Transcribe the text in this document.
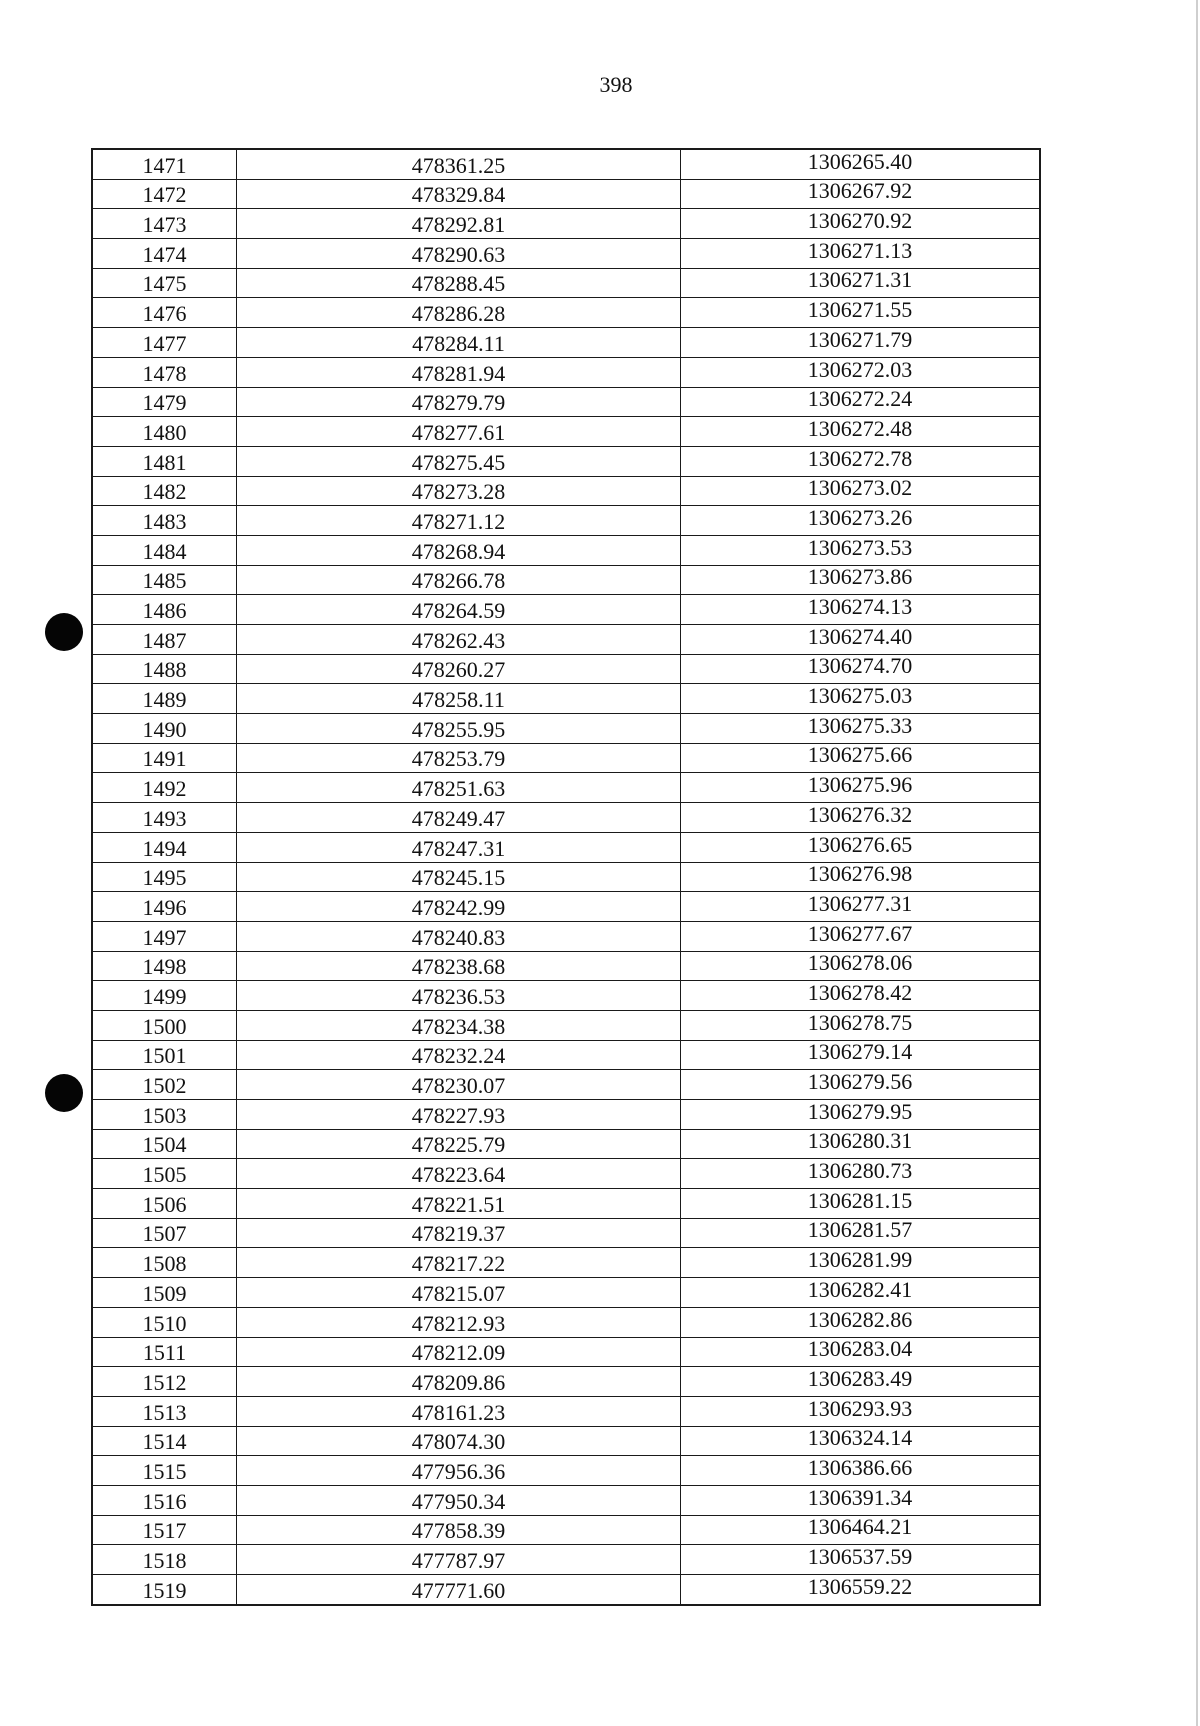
398
1471	478361.25	1306265.40
1472	478329.84	1306267.92
1473	478292.81	1306270.92
1474	478290.63	1306271.13
1475	478288.45	1306271.31
1476	478286.28	1306271.55
1477	478284.11	1306271.79
1478	478281.94	1306272.03
1479	478279.79	1306272.24
1480	478277.61	1306272.48
1481	478275.45	1306272.78
1482	478273.28	1306273.02
1483	478271.12	1306273.26
1484	478268.94	1306273.53
1485	478266.78	1306273.86
1486	478264.59	1306274.13
1487	478262.43	1306274.40
1488	478260.27	1306274.70
1489	478258.11	1306275.03
1490	478255.95	1306275.33
1491	478253.79	1306275.66
1492	478251.63	1306275.96
1493	478249.47	1306276.32
1494	478247.31	1306276.65
1495	478245.15	1306276.98
1496	478242.99	1306277.31
1497	478240.83	1306277.67
1498	478238.68	1306278.06
1499	478236.53	1306278.42
1500	478234.38	1306278.75
1501	478232.24	1306279.14
1502	478230.07	1306279.56
1503	478227.93	1306279.95
1504	478225.79	1306280.31
1505	478223.64	1306280.73
1506	478221.51	1306281.15
1507	478219.37	1306281.57
1508	478217.22	1306281.99
1509	478215.07	1306282.41
1510	478212.93	1306282.86
1511	478212.09	1306283.04
1512	478209.86	1306283.49
1513	478161.23	1306293.93
1514	478074.30	1306324.14
1515	477956.36	1306386.66
1516	477950.34	1306391.34
1517	477858.39	1306464.21
1518	477787.97	1306537.59
1519	477771.60	1306559.22
